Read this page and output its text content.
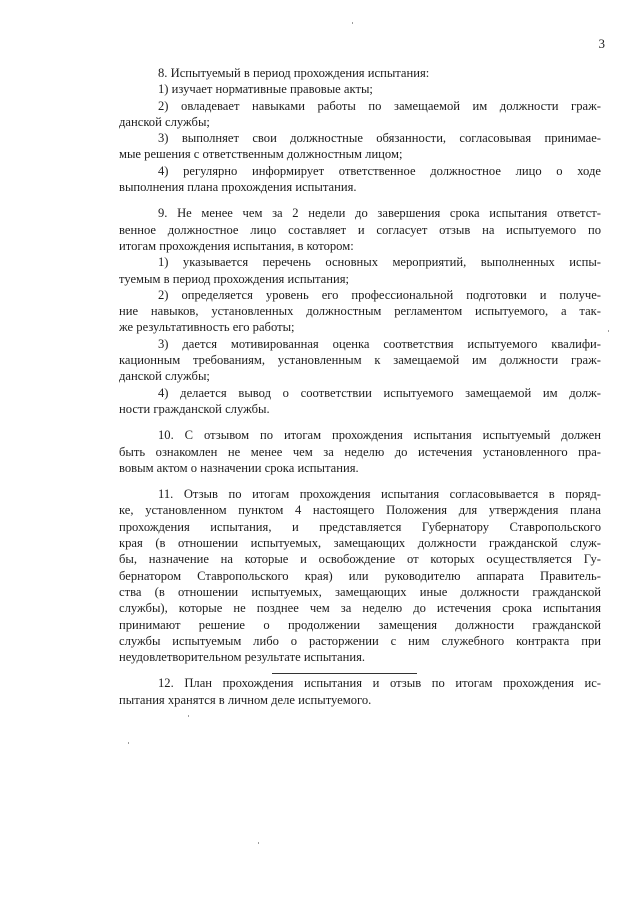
3
8. Испытуемый в период прохождения испытания:
1) изучает нормативные правовые акты;
2) овладевает навыками работы по замещаемой им должности граж-
данской службы;
3) выполняет свои должностные обязанности, согласовывая принимае-
мые решения с ответственным должностным лицом;
4) регулярно информирует ответственное должностное лицо о ходе
выполнения плана прохождения испытания.
9. Не менее чем за 2 недели до завершения срока испытания ответст-
венное должностное лицо составляет и согласует отзыв на испытуемого по
итогам прохождения испытания, в котором:
1) указывается перечень основных мероприятий, выполненных испы-
туемым в период прохождения испытания;
2) определяется уровень его профессиональной подготовки и получе-
ние навыков, установленных должностным регламентом испытуемого, а так-
же результативность его работы;
3) дается мотивированная оценка соответствия испытуемого квалифи-
кационным требованиям, установленным к замещаемой им должности граж-
данской службы;
4) делается вывод о соответствии испытуемого замещаемой им долж-
ности гражданской службы.
10. С отзывом по итогам прохождения испытания испытуемый должен
быть ознакомлен не менее чем за неделю до истечения установленного пра-
вовым актом о назначении срока испытания.
11. Отзыв по итогам прохождения испытания согласовывается в поряд-
ке, установленном пунктом 4 настоящего Положения для утверждения плана
прохождения испытания, и представляется Губернатору Ставропольского
края (в отношении испытуемых, замещающих должности гражданской служ-
бы, назначение на которые и освобождение от которых осуществляется Гу-
бернатором Ставропольского края) или руководителю аппарата Правитель-
ства (в отношении испытуемых, замещающих иные должности гражданской
службы), которые не позднее чем за неделю до истечения срока испытания
принимают решение о продолжении замещения должности гражданской
службы испытуемым либо о расторжении с ним служебного контракта при
неудовлетворительном результате испытания.
12. План прохождения испытания и отзыв по итогам прохождения ис-
пытания хранятся в личном деле испытуемого.
